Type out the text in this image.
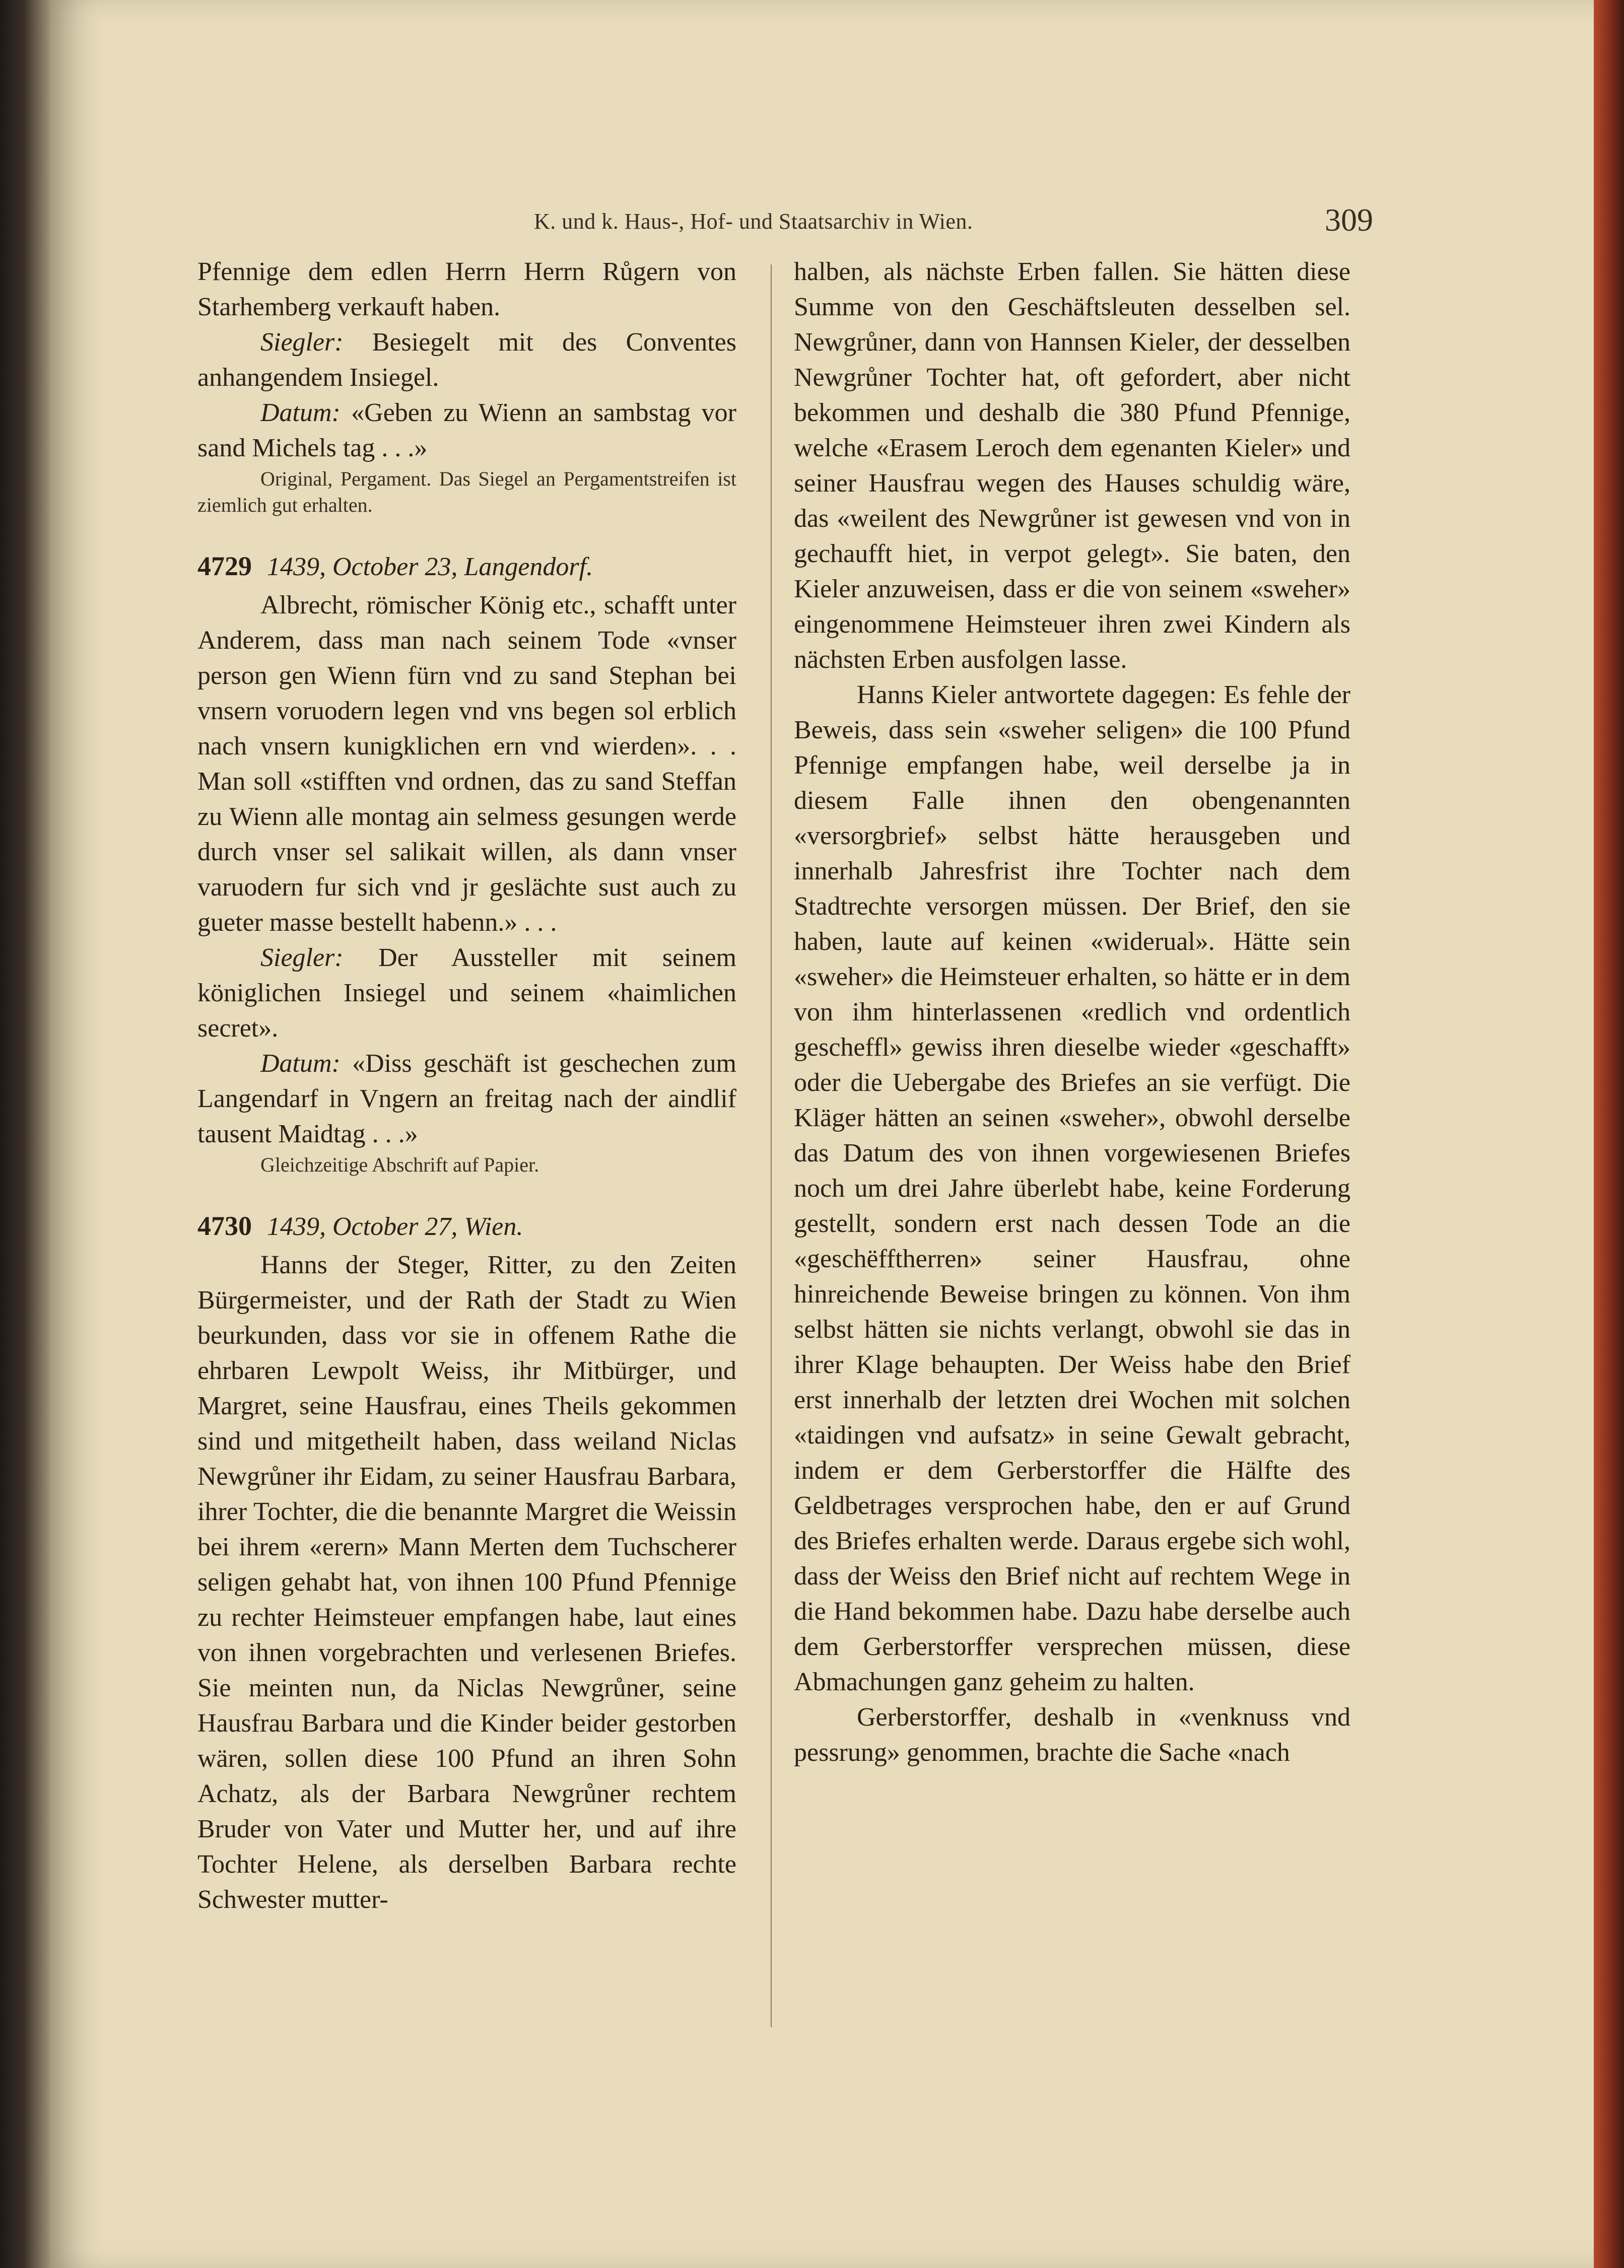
K. und k. Haus-, Hof- und Staatsarchiv in Wien.	309

Pfennige dem edlen Herrn Herrn Růgern von Starhemberg verkauft haben.

Siegler: Besiegelt mit des Conventes anhangendem Insiegel.

Datum: «Geben zu Wienn an sambstag vor sand Michels tag . . .»

Original, Pergament. Das Siegel an Pergamentstreifen ist ziemlich gut erhalten.

4729 1439, October 23, Langendorf.

Albrecht, römischer König etc., schafft unter Anderem, dass man nach seinem Tode «vnser person gen Wienn fürn vnd zu sand Stephan bei vnsern voruodern legen vnd vns begen sol erblich nach vnsern kunigklichen ern vnd wierden». . . Man soll «stifften vnd ordnen, das zu sand Steffan zu Wienn alle montag ain selmess gesungen werde durch vnser sel salikait willen, als dann vnser varuodern fur sich vnd jr geslächte sust auch zu gueter masse bestellt habenn.» . . .

Siegler: Der Aussteller mit seinem königlichen Insiegel und seinem «haimlichen secret».

Datum: «Diss geschäft ist geschechen zum Langendarf in Vngern an freitag nach der aindlif tausent Maidtag . . .»

Gleichzeitige Abschrift auf Papier.

4730 1439, October 27, Wien.

Hanns der Steger, Ritter, zu den Zeiten Bürgermeister, und der Rath der Stadt zu Wien beurkunden, dass vor sie in offenem Rathe die ehrbaren Lewpolt Weiss, ihr Mitbürger, und Margret, seine Hausfrau, eines Theils gekommen sind und mitgetheilt haben, dass weiland Niclas Newgrůner ihr Eidam, zu seiner Hausfrau Barbara, ihrer Tochter, die die benannte Margret die Weissin bei ihrem «erern» Mann Merten dem Tuchscherer seligen gehabt hat, von ihnen 100 Pfund Pfennige zu rechter Heimsteuer empfangen habe, laut eines von ihnen vorgebrachten und verlesenen Briefes. Sie meinten nun, da Niclas Newgrůner, seine Hausfrau Barbara und die Kinder beider gestorben wären, sollen diese 100 Pfund an ihren Sohn Achatz, als der Barbara Newgrůner rechtem Bruder von Vater und Mutter her, und auf ihre Tochter Helene, als derselben Barbara rechte Schwester mutter-

halben, als nächste Erben fallen. Sie hätten diese Summe von den Geschäftsleuten desselben sel. Newgrůner, dann von Hannsen Kieler, der desselben Newgrůner Tochter hat, oft gefordert, aber nicht bekommen und deshalb die 380 Pfund Pfennige, welche «Erasem Leroch dem egenanten Kieler» und seiner Hausfrau wegen des Hauses schuldig wäre, das «weilent des Newgrůner ist gewesen vnd von in gechaufft hiet, in verpot gelegt». Sie baten, den Kieler anzuweisen, dass er die von seinem «sweher» eingenommene Heimsteuer ihren zwei Kindern als nächsten Erben ausfolgen lasse.

Hanns Kieler antwortete dagegen: Es fehle der Beweis, dass sein «sweher seligen» die 100 Pfund Pfennige empfangen habe, weil derselbe ja in diesem Falle ihnen den obengenannten «versorgbrief» selbst hätte herausgeben und innerhalb Jahresfrist ihre Tochter nach dem Stadtrechte versorgen müssen. Der Brief, den sie haben, laute auf keinen «widerual». Hätte sein «sweher» die Heimsteuer erhalten, so hätte er in dem von ihm hinterlassenen «redlich vnd ordentlich gescheffl» gewiss ihren dieselbe wieder «geschafft» oder die Uebergabe des Briefes an sie verfügt. Die Kläger hätten an seinen «sweher», obwohl derselbe das Datum des von ihnen vorgewiesenen Briefes noch um drei Jahre überlebt habe, keine Forderung gestellt, sondern erst nach dessen Tode an die «geschëfftherren» seiner Hausfrau, ohne hinreichende Beweise bringen zu können. Von ihm selbst hätten sie nichts verlangt, obwohl sie das in ihrer Klage behaupten. Der Weiss habe den Brief erst innerhalb der letzten drei Wochen mit solchen «taidingen vnd aufsatz» in seine Gewalt gebracht, indem er dem Gerberstorffer die Hälfte des Geldbetrages versprochen habe, den er auf Grund des Briefes erhalten werde. Daraus ergebe sich wohl, dass der Weiss den Brief nicht auf rechtem Wege in die Hand bekommen habe. Dazu habe derselbe auch dem Gerberstorffer versprechen müssen, diese Abmachungen ganz geheim zu halten.

Gerberstorffer, deshalb in «venknuss vnd pessrung» genommen, brachte die Sache «nach
